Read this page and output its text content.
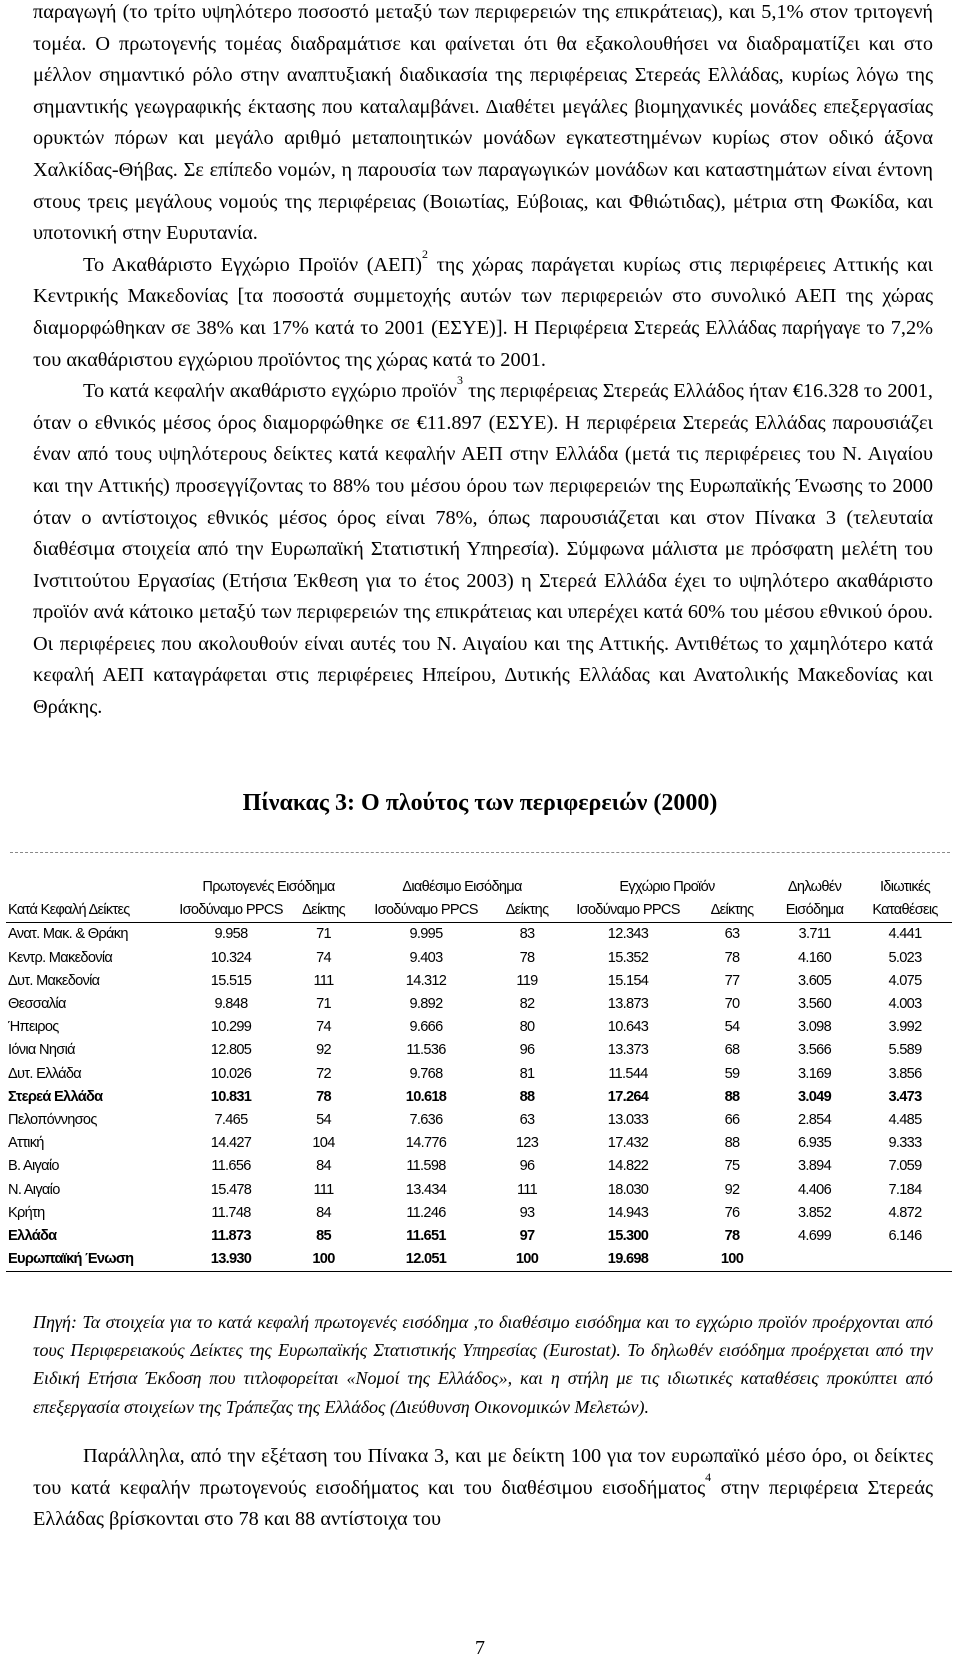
παραγωγή (το τρίτο υψηλότερο ποσοστό μεταξύ των περιφερειών της επικράτειας), και 5,1% στον τριτογενή τομέα. Ο πρωτογενής τομέας διαδραμάτισε και φαίνεται ότι θα εξακολουθήσει να διαδραματίζει και στο μέλλον σημαντικό ρόλο στην αναπτυξιακή διαδικασία της περιφέρειας Στερεάς Ελλάδας, κυρίως λόγω της σημαντικής γεωγραφικής έκτασης που καταλαμβάνει. Διαθέτει μεγάλες βιομηχανικές μονάδες επεξεργασίας ορυκτών πόρων και μεγάλο αριθμό μεταποιητικών μονάδων εγκατεστημένων κυρίως στον οδικό άξονα Χαλκίδας-Θήβας. Σε επίπεδο νομών, η παρουσία των παραγωγικών μονάδων και καταστημάτων είναι έντονη στους τρεις μεγάλους νομούς της περιφέρειας (Βοιωτίας, Εύβοιας, και Φθιώτιδας), μέτρια στη Φωκίδα, και υποτονική στην Ευρυτανία.

Το Ακαθάριστο Εγχώριο Προϊόν $(AE\Pi)^2$ της χώρας παράγεται κυρίως στις περιφέρειες Αττικής και Κεντρικής Μακεδονίας [τα ποσοστά συμμετοχής αυτών των περιφερειών στο συνολικό ΑΕΠ της χώρας διαμορφώθηκαν σε 38% και 17% κατά το 2001 (ΕΣΥΕ)]. Η Περιφέρεια Στερεάς Ελλάδας παρήγαγε το 7,2% του ακαθάριστου εγχώριου προϊόντος της χώρας κατά το 2001.

Το κατά κεφαλήν ακαθάριστο εγχώριο προϊόν$^3$ της περιφέρειας Στερεάς Ελλάδος ήταν €16.328 το 2001, όταν ο εθνικός μέσος όρος διαμορφώθηκε σε €11.897 (ΕΣΥΕ). Η περιφέρεια Στερεάς Ελλάδας παρουσιάζει έναν από τους υψηλότερους δείκτες κατά κεφαλήν ΑΕΠ στην Ελλάδα (μετά τις περιφέρειες του Ν. Αιγαίου και την Αττικής) προσεγγίζοντας το 88% του μέσου όρου των περιφερειών της Ευρωπαϊκής Ένωσης το 2000 όταν ο αντίστοιχος εθνικός μέσος όρος είναι 78%, όπως παρουσιάζεται και στον Πίνακα 3 (τελευταία διαθέσιμα στοιχεία από την Ευρωπαϊκή Στατιστική Υπηρεσία). Σύμφωνα μάλιστα με πρόσφατη μελέτη του Ινστιτούτου Εργασίας (Ετήσια Έκθεση για το έτος 2003) η Στερεά Ελλάδα έχει το υψηλότερο ακαθάριστο προϊόν ανά κάτοικο μεταξύ των περιφερειών της επικράτειας και υπερέχει κατά 60% του μέσου εθνικού όρου. Οι περιφέρειες που ακολουθούν είναι αυτές του Ν. Αιγαίου και της Αττικής. Αντιθέτως το χαμηλότερο κατά κεφαλή ΑΕΠ καταγράφεται στις περιφέρειες Ηπείρου, Δυτικής Ελλάδας και Ανατολικής Μακεδονίας και Θράκης.

Πίνακας 3: Ο πλούτος των περιφερειών (2000)
	Πρωτογενές Εισόδημα		Διαθέσιμο Εισόδημα		Εγχώριο Προϊόν		Δηλωθέν	Ιδιωτικές
Κατά Κεφαλή Δείκτες	Ισοδύναμο PPCS	Δείκτης	Ισοδύναμο PPCS	Δείκτης	Ισοδύναμο PPCS	Δείκτης	Εισόδημα	Καταθέσεις
Ανατ. Μακ. & Θράκη	9.958	71	9.995	83	12.343	63	3.711	4.441
Κεντρ. Μακεδονία	10.324	74	9.403	78	15.352	78	4.160	5.023
Δυτ. Μακεδονία	15.515	111	14.312	119	15.154	77	3.605	4.075
Θεσσαλία	9.848	71	9.892	82	13.873	70	3.560	4.003
Ήπειρος	10.299	74	9.666	80	10.643	54	3.098	3.992
Ιόνια Νησιά	12.805	92	11.536	96	13.373	68	3.566	5.589
Δυτ. Ελλάδα	10.026	72	9.768	81	11.544	59	3.169	3.856
Στερεά Ελλάδα	10.831	78	10.618	88	17.264	88	3.049	3.473
Πελοπόννησος	7.465	54	7.636	63	13.033	66	2.854	4.485
Αττική	14.427	104	14.776	123	17.432	88	6.935	9.333
Β. Αιγαίο	11.656	84	11.598	96	14.822	75	3.894	7.059
Ν. Αιγαίο	15.478	111	13.434	111	18.030	92	4.406	7.184
Κρήτη	11.748	84	11.246	93	14.943	76	3.852	4.872
Ελλάδα	11.873	85	11.651	97	15.300	78	4.699	6.146
Ευρωπαϊκή Ένωση	13.930	100	12.051	100	19.698	100		
Πηγή: Τα στοιχεία για το κατά κεφαλή πρωτογενές εισόδημα ,το διαθέσιμο εισόδημα και το εγχώριο προϊόν προέρχονται από τους Περιφερειακούς Δείκτες της Ευρωπαϊκής Στατιστικής Υπηρεσίας (Eurostat). Το δηλωθέν εισόδημα προέρχεται από την Ειδική Ετήσια Έκδοση που τιτλοφορείται «Νομοί της Ελλάδος», και η στήλη με τις ιδιωτικές καταθέσεις προκύπτει από επεξεργασία στοιχείων της Τράπεζας της Ελλάδος (Διεύθυνση Οικονομικών Μελετών).

Παράλληλα, από την εξέταση του Πίνακα 3, και με δείκτη 100 για τον ευρωπαϊκό μέσο όρο, οι δείκτες του κατά κεφαλήν πρωτογενούς εισοδήματος και του διαθέσιμου εισοδήματος$^4$ στην περιφέρεια Στερεάς Ελλάδας βρίσκονται στο 78 και 88 αντίστοιχα του

7
